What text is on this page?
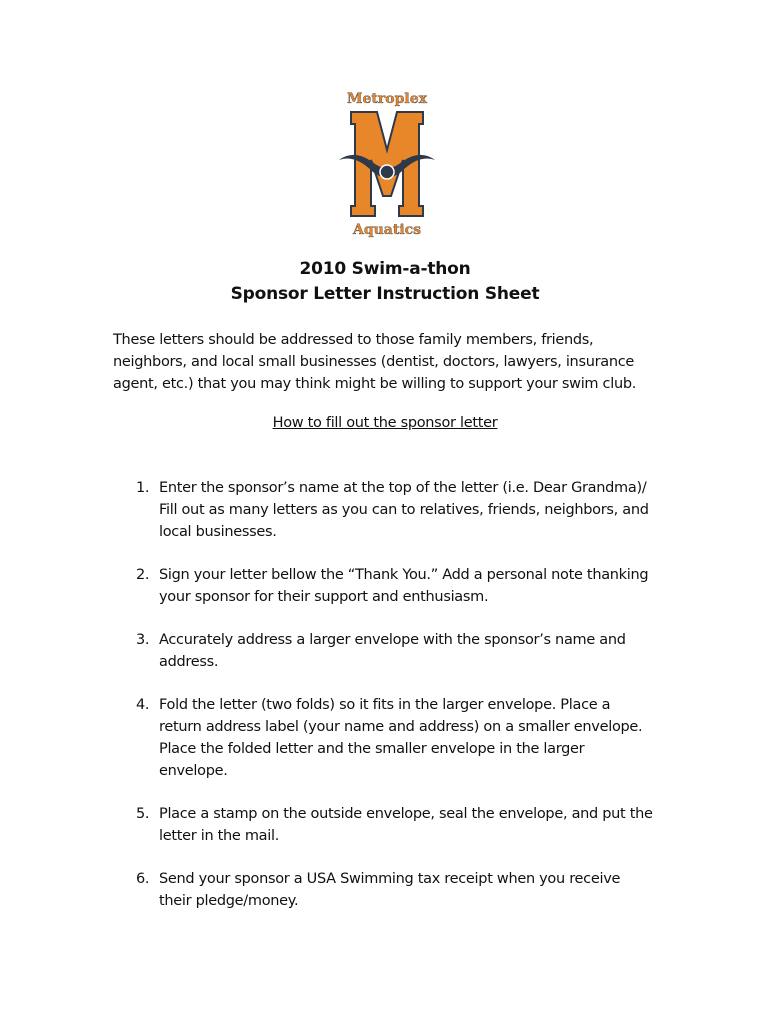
Metroplex
Aquatics
2010 Swim-a-thon
Sponsor Letter Instruction Sheet
These letters should be addressed to those family members, friends,
neighbors, and local small businesses (dentist, doctors, lawyers, insurance
agent, etc.) that you may think might be willing to support your swim club.
How to fill out the sponsor letter
1. Enter the sponsor’s name at the top of the letter (i.e. Dear Grandma)/
Fill out as many letters as you can to relatives, friends, neighbors, and
local businesses.
2. Sign your letter bellow the “Thank You.” Add a personal note thanking
your sponsor for their support and enthusiasm.
3. Accurately address a larger envelope with the sponsor’s name and
address.
4. Fold the letter (two folds) so it fits in the larger envelope. Place a
return address label (your name and address) on a smaller envelope.
Place the folded letter and the smaller envelope in the larger
envelope.
5. Place a stamp on the outside envelope, seal the envelope, and put the
letter in the mail.
6. Send your sponsor a USA Swimming tax receipt when you receive
their pledge/money.
